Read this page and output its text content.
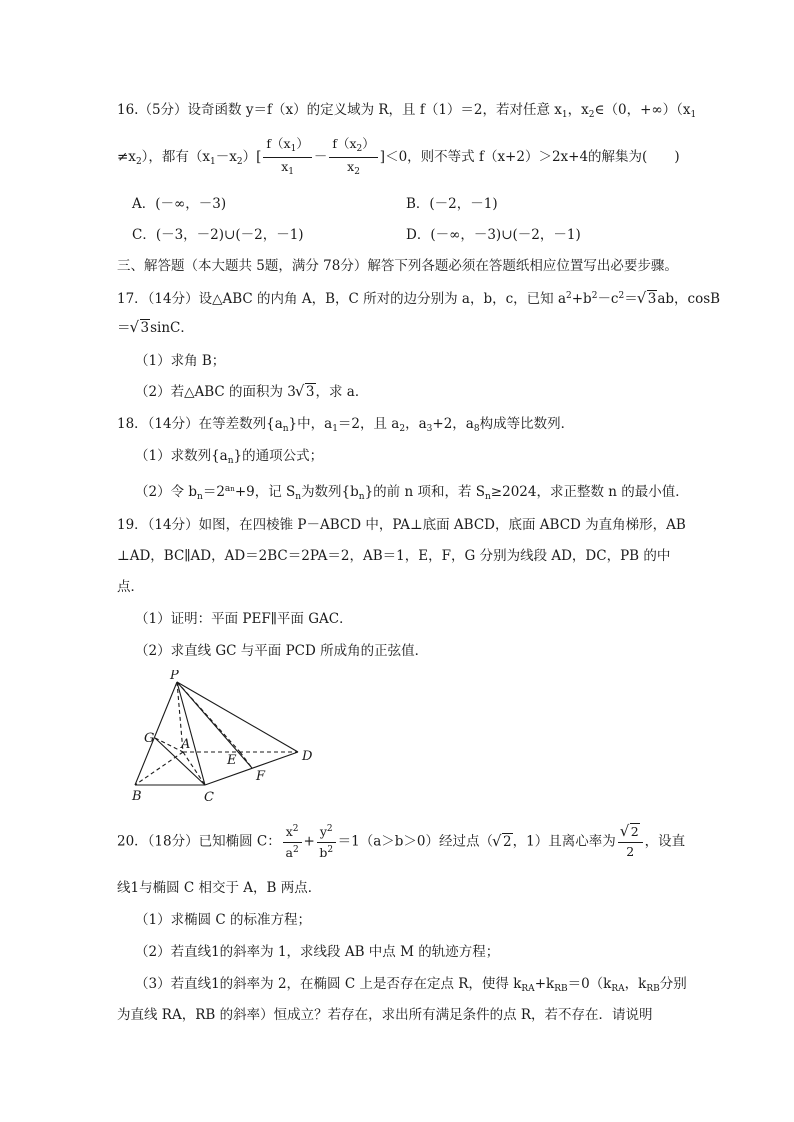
16.（5分）设奇函数 y＝f（x）的定义域为 R，且 f（1）＝2，若对任意 $x_1$，$x_2\in(0$，$+\infty)(x_1$
$\ne x_2$），都有$(x_1-x_2)[ \frac{f(x_1)}{x_1} - \frac{f(x_2)}{x_2} ]<0$，则不等式 f（x+2）＞2x+4的解集为(　　)
A．(－∞，－3)	B．(－2，－1)
C．(－3，－2)∪(－2，－1)	D．(－∞，－3)∪(－2，－1)
三、解答题（本大题共 5题，满分 78分）解答下列各题必须在答题纸相应位置写出必要步骤。
17．（14分）设△ABC 的内角 A，B，C 所对的边分别为 a，b，c，已知 $a^2+b^2-c^2=√$ 3ab，cosB
＝√ 3sinC．
（1）求角 B；
（2）若△ABC 的面积为 3√ 3，求 a．
18．（14分）在等差数列$\{a_n\}$中，$a_1=2$，且 $a_2$，$a_3+2$，$a_8$构成等比数列．
（1）求数列$\{a_n\}$的通项公式；
（2）令 $b_n=2^{an}+9$，记 $S_n$为数列$\{b_n\}$的前 n 项和，若 $S_n\ge 2024$，求正整数 n 的最小值．
19．（14分）如图，在四棱锥 P－ABCD 中，PA⊥底面 ABCD，底面 ABCD 为直角梯形，AB
⊥AD，BC∥AD，AD＝2BC＝2PA＝2，AB＝1，E，F，G 分别为线段 AD，DC，PB 的中
点．
（1）证明：平面 PEF∥平面 GAC．
（2）求直线 GC 与平面 PCD 所成角的正弦值．
P
G A
E	D
F
B	C
20．（18分）已知椭圆 C： $\frac{x^2}{a^2} + \frac{y^2}{b^2} =1(a>b>0)$经过点（√ 2，1）且离心率为
√ $\frac{2}{2}$ ，设直
线1与椭圆 C 相交于 A，B 两点．
（1）求椭圆 C 的标准方程；
（2）若直线1的斜率为 1，求线段 AB 中点 M 的轨迹方程；
（3）若直线1的斜率为 2，在椭圆 C 上是否存在定点 R，使得 $k_{RA}+k_{RB}=0(k_{RA}$，$k_{RB}$分别
为直线 RA，RB 的斜率）恒成立？若存在，求出所有满足条件的点 R，若不存在．请说明
